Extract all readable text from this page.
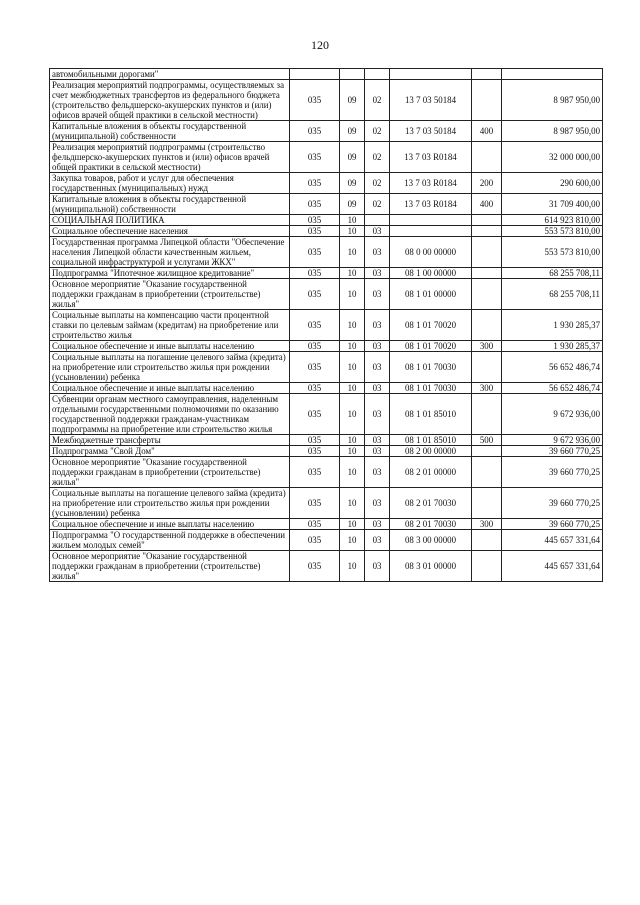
120
автомобильными дорогами"						
Реализация мероприятий подпрограммы, осуществляемых за счет межбюджетных трансфертов из федерального бюджета (строительство фельдшерско-акушерских пунктов и (или) офисов врачей общей практики в сельской местности)	035	09	02	13 7 03 50184		8 987 950,00
Капитальные вложения в объекты государственной (муниципальной) собственности	035	09	02	13 7 03 50184	400	8 987 950,00
Реализация мероприятий подпрограммы (строительство фельдшерско-акушерских пунктов и (или) офисов врачей общей практики в сельской местности)	035	09	02	13 7 03 R0184		32 000 000,00
Закупка товаров, работ и услуг для обеспечения государственных (муниципальных) нужд	035	09	02	13 7 03 R0184	200	290 600,00
Капитальные вложения в объекты государственной (муниципальной) собственности	035	09	02	13 7 03 R0184	400	31 709 400,00
СОЦИАЛЬНАЯ ПОЛИТИКА	035	10				614 923 810,00
Социальное обеспечение населения	035	10	03			553 573 810,00
Государственная программа Липецкой области "Обеспечение населения Липецкой области качественным жильем, социальной инфраструктурой и услугами ЖКХ"	035	10	03	08 0 00 00000		553 573 810,00
Подпрограмма "Ипотечное жилищное кредитование"	035	10	03	08 1 00 00000		68 255 708,11
Основное мероприятие "Оказание государственной поддержки гражданам в приобретении (строительстве) жилья"	035	10	03	08 1 01 00000		68 255 708,11
Социальные выплаты на компенсацию части процентной ставки по целевым займам (кредитам) на приобретение или строительство жилья	035	10	03	08 1 01 70020		1 930 285,37
Социальное обеспечение и иные выплаты населению	035	10	03	08 1 01 70020	300	1 930 285,37
Социальные выплаты на погашение целевого займа (кредита) на приобретение или строительство жилья при рождении (усыновлении) ребенка	035	10	03	08 1 01 70030		56 652 486,74
Социальное обеспечение и иные выплаты населению	035	10	03	08 1 01 70030	300	56 652 486,74
Субвенции органам местного самоуправления, наделенным отдельными государственными полномочиями по оказанию государственной поддержки гражданам-участникам подпрограммы на приобретение или строительство жилья	035	10	03	08 1 01 85010		9 672 936,00
Межбюджетные трансферты	035	10	03	08 1 01 85010	500	9 672 936,00
Подпрограмма "Свой Дом"	035	10	03	08 2 00 00000		39 660 770,25
Основное мероприятие "Оказание государственной поддержки гражданам в приобретении (строительстве) жилья"	035	10	03	08 2 01 00000		39 660 770,25
Социальные выплаты на погашение целевого займа (кредита) на приобретение или строительство жилья при рождении (усыновлении) ребенка	035	10	03	08 2 01 70030		39 660 770,25
Социальное обеспечение и иные выплаты населению	035	10	03	08 2 01 70030	300	39 660 770,25
Подпрограмма "О государственной поддержке в обеспечении жильем молодых семей"	035	10	03	08 3 00 00000		445 657 331,64
Основное мероприятие "Оказание государственной поддержки гражданам в приобретении (строительстве) жилья"	035	10	03	08 3 01 00000		445 657 331,64
